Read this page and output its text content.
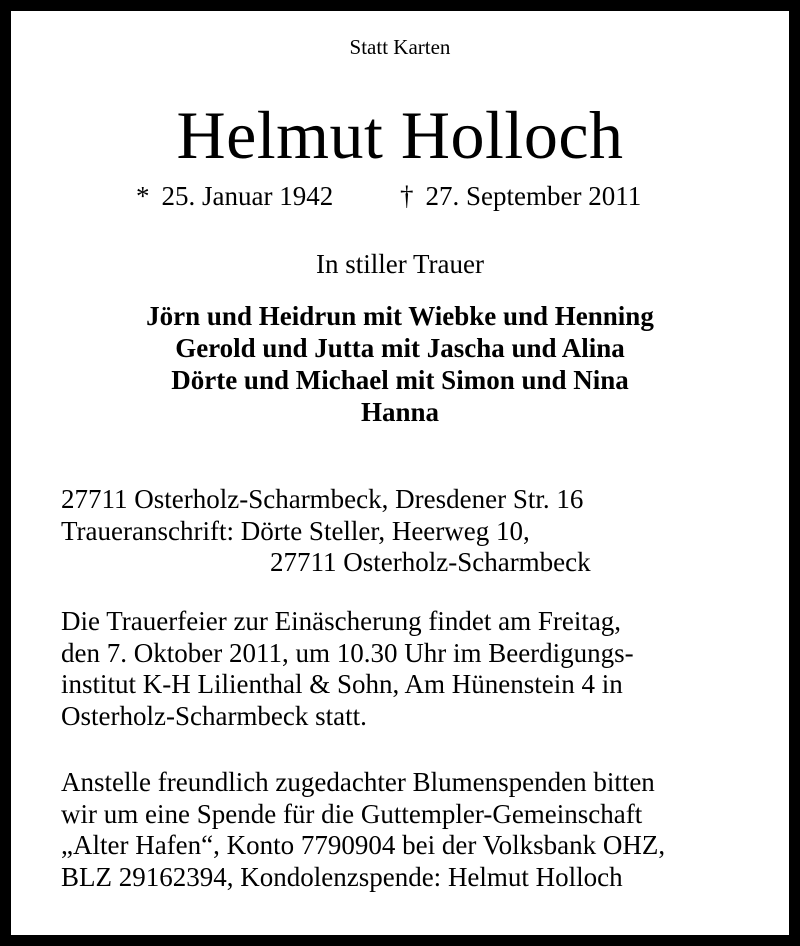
Statt Karten
Helmut Holloch
* 25. Januar 1942 † 27. September 2011
In stiller Trauer
Jörn und Heidrun mit Wiebke und Henning
Gerold und Jutta mit Jascha und Alina
Dörte und Michael mit Simon und Nina
Hanna
27711 Osterholz-Scharmbeck, Dresdener Str. 16
Traueranschrift: Dörte Steller, Heerweg 10,
27711 Osterholz-Scharmbeck
Die Trauerfeier zur Einäscherung findet am Freitag,
den 7. Oktober 2011, um 10.30 Uhr im Beerdigungs-
institut K-H Lilienthal & Sohn, Am Hünenstein 4 in
Osterholz-Scharmbeck statt.
Anstelle freundlich zugedachter Blumenspenden bitten
wir um eine Spende für die Guttempler-Gemeinschaft
„Alter Hafen“, Konto 7790904 bei der Volksbank OHZ,
BLZ 29162394, Kondolenzspende: Helmut Holloch
